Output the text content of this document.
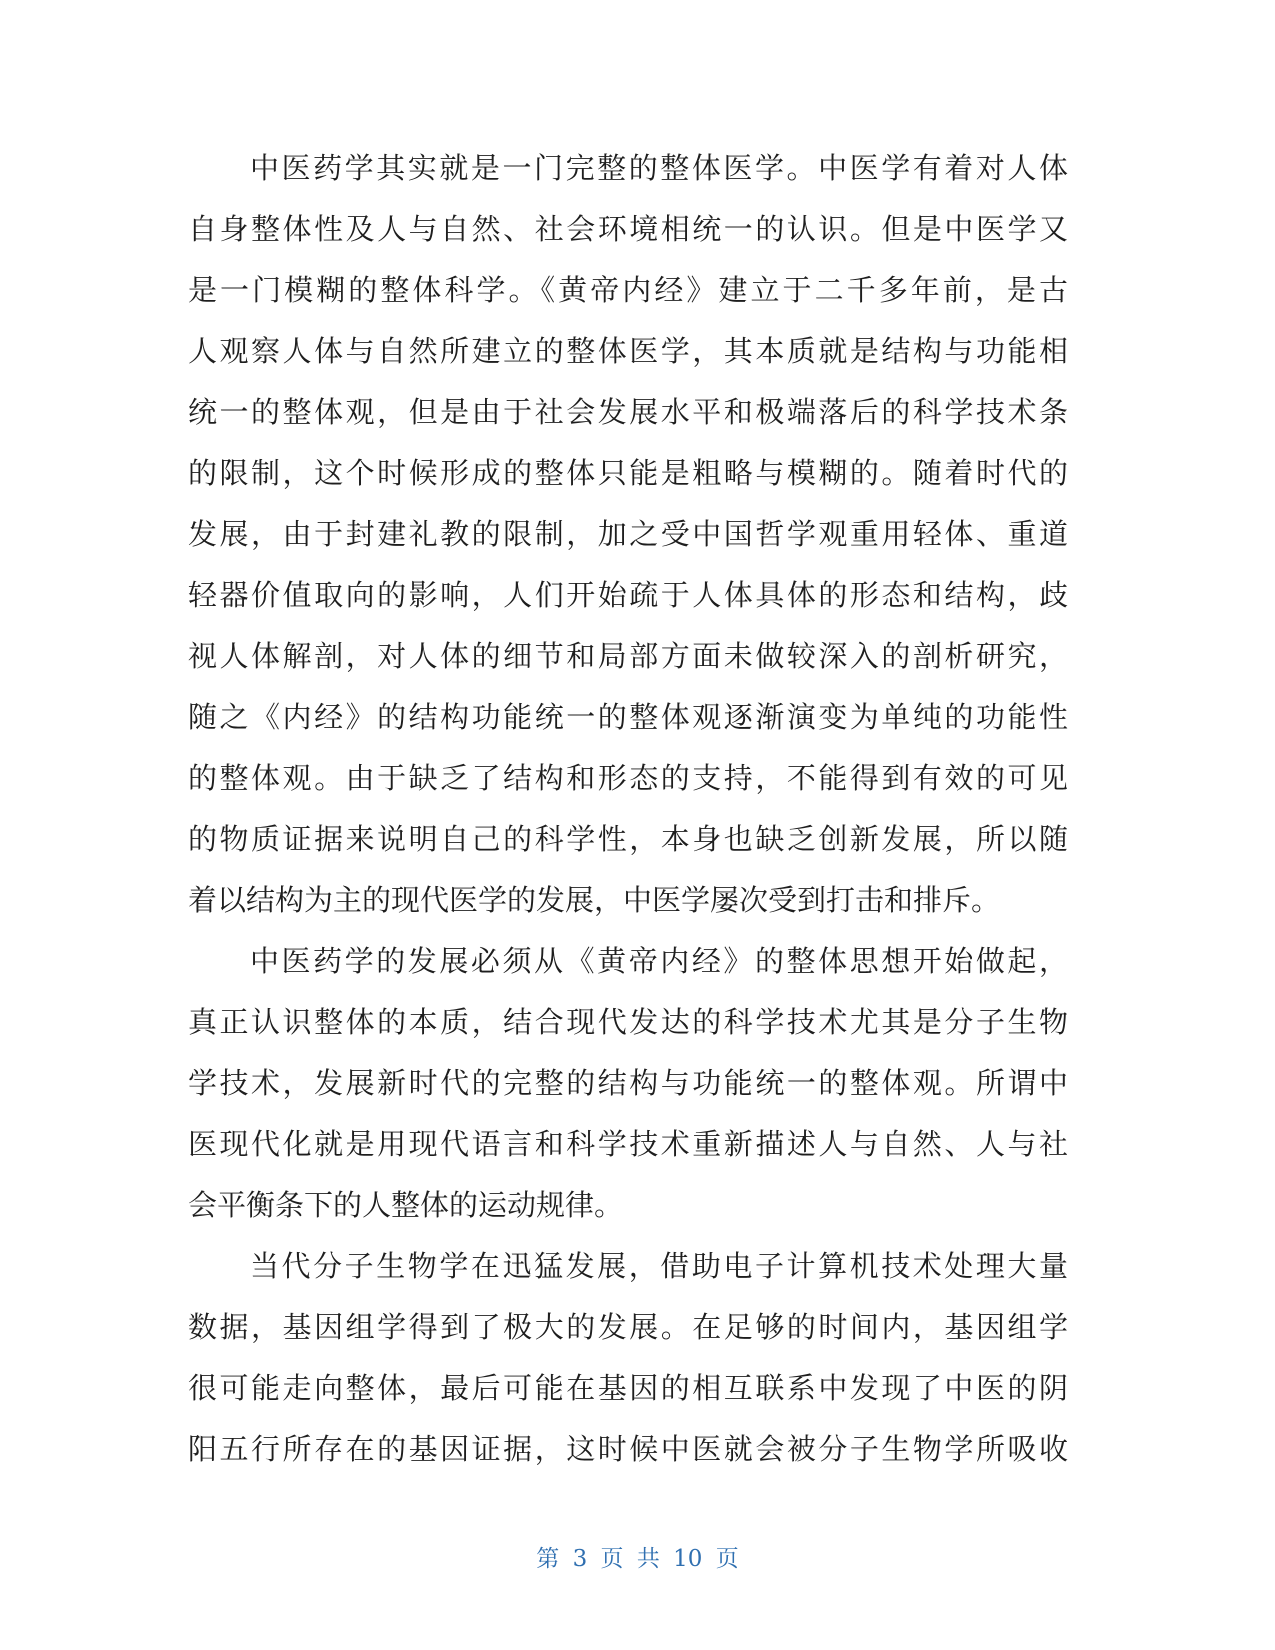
中医药学其实就是一门完整的整体医学。中医学有着对人体
自身整体性及人与自然、社会环境相统一的认识。但是中医学又
是一门模糊的整体科学。《黄帝内经》建立于二千多年前，是古
人观察人体与自然所建立的整体医学，其本质就是结构与功能相
统一的整体观，但是由于社会发展水平和极端落后的科学技术条
的限制，这个时候形成的整体只能是粗略与模糊的。随着时代的
发展，由于封建礼教的限制，加之受中国哲学观重用轻体、重道
轻器价值取向的影响，人们开始疏于人体具体的形态和结构，歧
视人体解剖，对人体的细节和局部方面未做较深入的剖析研究，
随之《内经》的结构功能统一的整体观逐渐演变为单纯的功能性
的整体观。由于缺乏了结构和形态的支持，不能得到有效的可见
的物质证据来说明自己的科学性，本身也缺乏创新发展，所以随
着以结构为主的现代医学的发展，中医学屡次受到打击和排斥。
中医药学的发展必须从《黄帝内经》的整体思想开始做起，
真正认识整体的本质，结合现代发达的科学技术尤其是分子生物
学技术，发展新时代的完整的结构与功能统一的整体观。所谓中
医现代化就是用现代语言和科学技术重新描述人与自然、人与社
会平衡条下的人整体的运动规律。
当代分子生物学在迅猛发展，借助电子计算机技术处理大量
数据，基因组学得到了极大的发展。在足够的时间内，基因组学
很可能走向整体，最后可能在基因的相互联系中发现了中医的阴
阳五行所存在的基因证据，这时候中医就会被分子生物学所吸收
第 3 页 共 10 页
